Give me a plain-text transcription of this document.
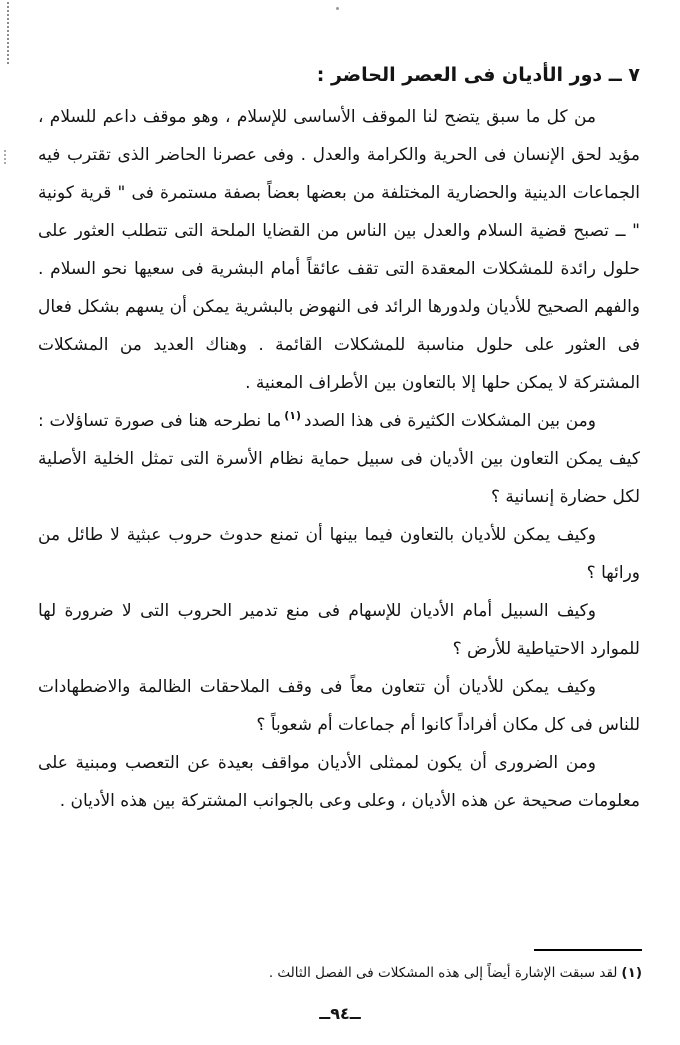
٧ ــ دور الأديان فى العصر الحاضر :

من كل ما سبق يتضح لنا الموقف الأساسى للإسلام ، وهو موقف داعم للسلام ، مؤيد لحق الإنسان فى الحرية والكرامة والعدل . وفى عصرنا الحاضر الذى تقترب فيه الجماعات الدينية والحضارية المختلفة من بعضها بعضاً بصفة مستمرة فى " قرية كونية " ــ تصبح قضية السلام والعدل بين الناس من القضايا الملحة التى تتطلب العثور على حلول رائدة للمشكلات المعقدة التى تقف عائقاً أمام البشرية فى سعيها نحو السلام . والفهم الصحيح للأديان ولدورها الرائد فى النهوض بالبشرية يمكن أن يسهم بشكل فعال فى العثور على حلول مناسبة للمشكلات القائمة . وهناك العديد من المشكلات المشتركة لا يمكن حلها إلا بالتعاون بين الأطراف المعنية .

ومن بين المشكلات الكثيرة فى هذا الصدد$^{(١)}$ما نطرحه هنا فى صورة تساؤلات : كيف يمكن التعاون بين الأديان فى سبيل حماية نظام الأسرة التى تمثل الخلية الأصلية لكل حضارة إنسانية ؟

وكيف يمكن للأديان بالتعاون فيما بينها أن تمنع حدوث حروب عبثية لا طائل من ورائها ؟

وكيف السبيل أمام الأديان للإسهام فى منع تدمير الحروب التى لا ضرورة لها للموارد الاحتياطية للأرض ؟

وكيف يمكن للأديان أن تتعاون معاً فى وقف الملاحقات الظالمة والاضطهادات للناس فى كل مكان أفراداً كانوا أم جماعات أم شعوباً ؟

ومن الضرورى أن يكون لممثلى الأديان مواقف بعيدة عن التعصب ومبنية على معلومات صحيحة عن هذه الأديان ، وعلى وعى بالجوانب المشتركة بين هذه الأديان .

(١)لقد سبقت الإشارة أيضاً إلى هذه المشكلات فى الفصل الثالث .
ــ٩٤ــ
